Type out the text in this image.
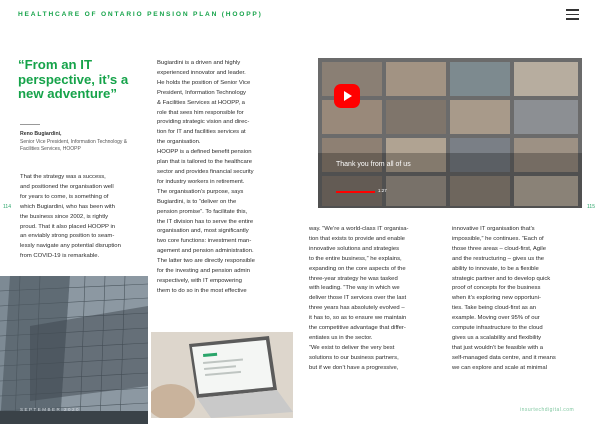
HEALTHCARE OF ONTARIO PENSION PLAN (HOOPP)
114	115
“From an IT perspective, it’s a new adventure”
Reno Bugiardini,
Senior Vice President, Information Technology & Facilities Services, HOOPP
That the strategy was a success,
and positioned the organisation well
for years to come, is something of
which Bugiardini, who has been with
the business since 2002, is rightly
proud. That it also placed HOOPP in
an enviably strong position to seam-
lessly navigate any potential disruption
from COVID-19 is remarkable.
Bugiardini is a driven and highly
experienced innovator and leader.
He holds the position of Senior Vice
President, Information Technology
& Facilities Services at HOOPP, a
role that sees him responsible for
providing strategic vision and direc-
tion for IT and facilities services at
the organisation.
HOOPP is a defined benefit pension
plan that is tailored to the healthcare
sector and provides financial security
for industry workers in retirement.
The organisation’s purpose, says
Bugiardini, is to “deliver on the
pension promise”. To facilitate this,
the IT division has to serve the entire
organisation and, most significantly
two core functions: investment man-
agement and pension administration.
The latter two are directly responsible
for the investing and pension admin
respectively, with IT empowering
them to do so in the most effective
way. “We’re a world-class IT organisa-
tion that exists to provide and enable
innovative solutions and strategies
to the entire business,” he explains,
expanding on the core aspects of the
three-year strategy he was tasked
with leading. “The way in which we
deliver those IT services over the last
three years has absolutely evolved –
it has to, so as to ensure we maintain
the competitive advantage that differ-
entiates us in the sector.
“We exist to deliver the very best
solutions to our business partners,
but if we don’t have a progressive,
innovative IT organisation that’s
impossible,” he continues. “Each of
those three areas – cloud-first, Agile
and the restructuring – gives us the
ability to innovate, to be a flexible
strategic partner and to develop quick
proof of concepts for the business
when it’s exploring new opportuni-
ties. Take being cloud-first as an
example. Moving over 95% of our
compute infrastructure to the cloud
gives us a scalability and flexibility
that just wouldn’t be feasible with a
self-managed data centre, and it means
we can explore and scale at minimal
SEPTEMBER 2020
Thank you from all of us
1:27
insurtechdigital.com
